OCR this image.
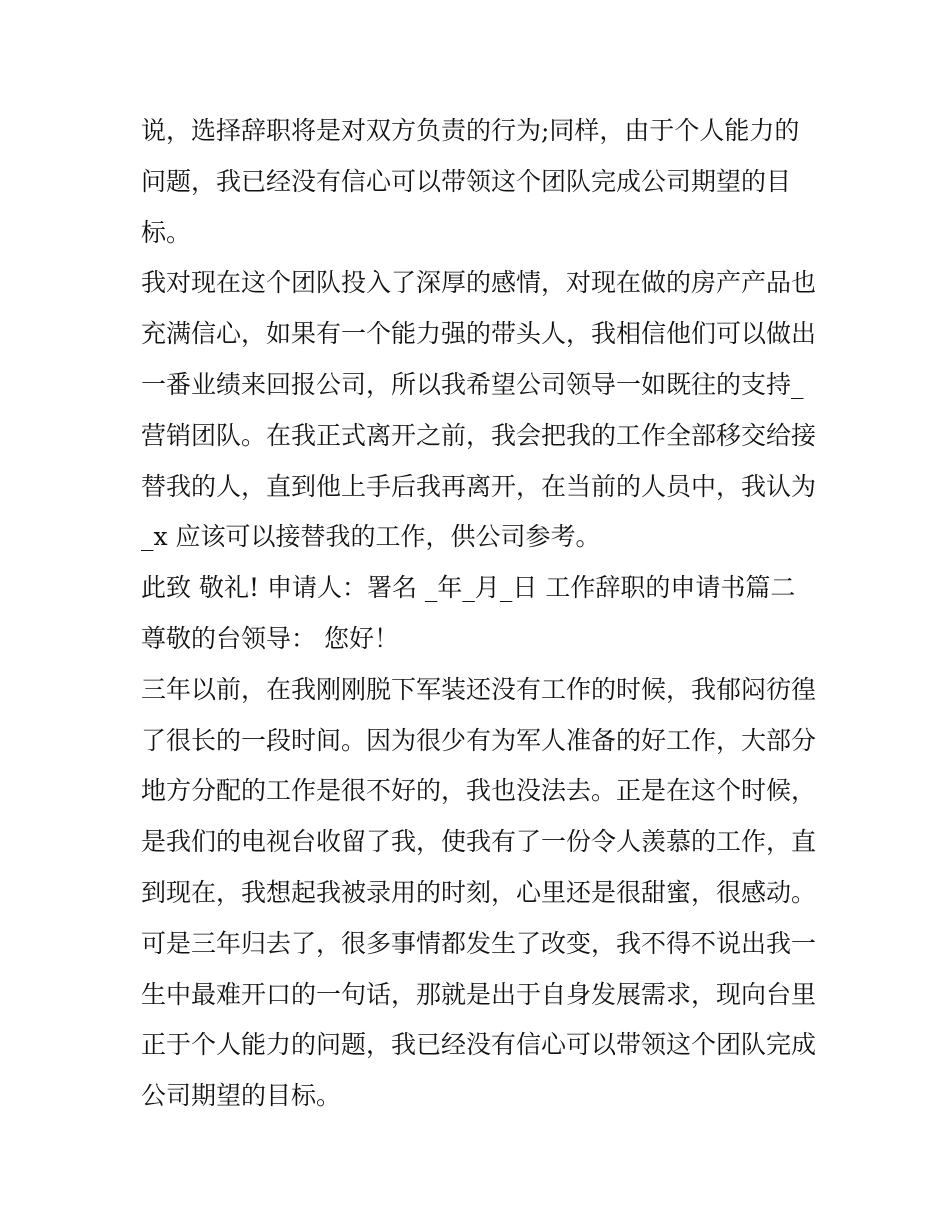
说，选择辞职将是对双方负责的行为;同样，由于个人能力的
问题，我已经没有信心可以带领这个团队完成公司期望的目
标。
我对现在这个团队投入了深厚的感情，对现在做的房产产品也
充满信心，如果有一个能力强的带头人，我相信他们可以做出
一番业绩来回报公司，所以我希望公司领导一如既往的支持_
营销团队。在我正式离开之前，我会把我的工作全部移交给接
替我的人，直到他上手后我再离开，在当前的人员中，我认为
_x 应该可以接替我的工作，供公司参考。
此致 敬礼! 申请人：署名 _年_月_日 工作辞职的申请书篇二
尊敬的台领导： 您好！
三年以前，在我刚刚脱下军装还没有工作的时候，我郁闷彷徨
了很长的一段时间。因为很少有为军人准备的好工作，大部分
地方分配的工作是很不好的，我也没法去。正是在这个时候，
是我们的电视台收留了我，使我有了一份令人羡慕的工作，直
到现在，我想起我被录用的时刻，心里还是很甜蜜，很感动。
可是三年归去了，很多事情都发生了改变，我不得不说出我一
生中最难开口的一句话，那就是出于自身发展需求，现向台里
正于个人能力的问题，我已经没有信心可以带领这个团队完成
公司期望的目标。
